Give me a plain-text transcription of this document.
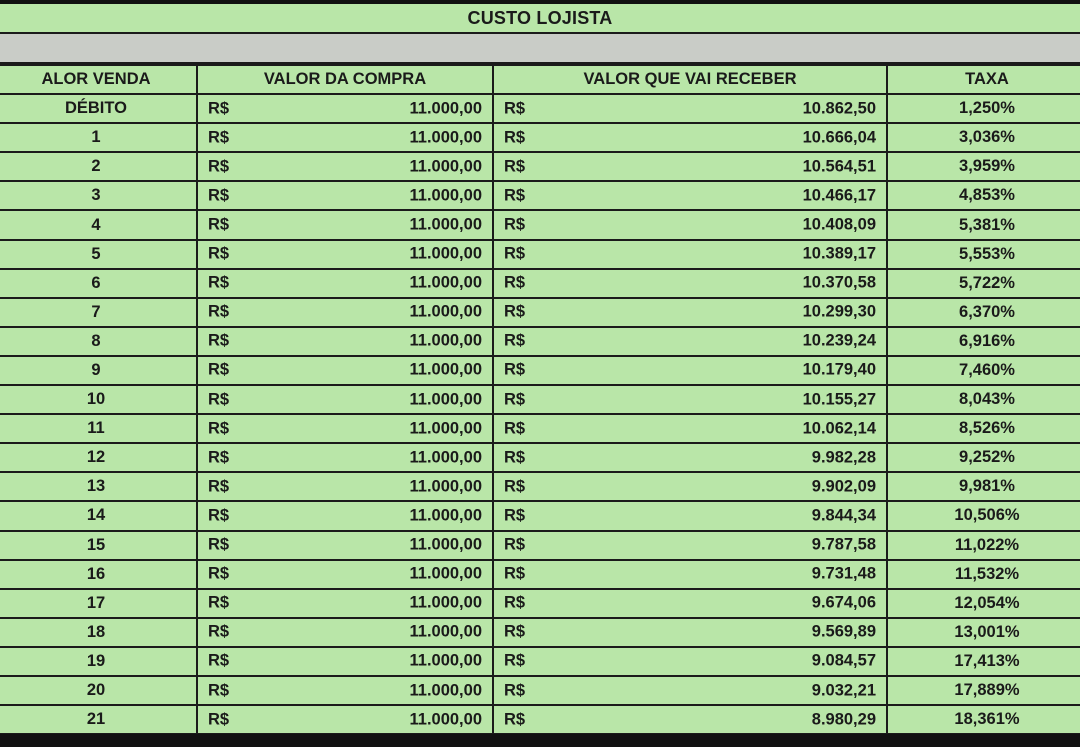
CUSTO LOJISTA
ALOR VENDA	VALOR DA COMPRA	VALOR QUE VAI RECEBER	TAXA
DÉBITO	R$ 11.000,00	R$ 10.862,50	1,250%
1	R$ 11.000,00	R$ 10.666,04	3,036%
2	R$ 11.000,00	R$ 10.564,51	3,959%
3	R$ 11.000,00	R$ 10.466,17	4,853%
4	R$ 11.000,00	R$ 10.408,09	5,381%
5	R$ 11.000,00	R$ 10.389,17	5,553%
6	R$ 11.000,00	R$ 10.370,58	5,722%
7	R$ 11.000,00	R$ 10.299,30	6,370%
8	R$ 11.000,00	R$ 10.239,24	6,916%
9	R$ 11.000,00	R$ 10.179,40	7,460%
10	R$ 11.000,00	R$ 10.155,27	8,043%
11	R$ 11.000,00	R$ 10.062,14	8,526%
12	R$ 11.000,00	R$ 9.982,28	9,252%
13	R$ 11.000,00	R$ 9.902,09	9,981%
14	R$ 11.000,00	R$ 9.844,34	10,506%
15	R$ 11.000,00	R$ 9.787,58	11,022%
16	R$ 11.000,00	R$ 9.731,48	11,532%
17	R$ 11.000,00	R$ 9.674,06	12,054%
18	R$ 11.000,00	R$ 9.569,89	13,001%
19	R$ 11.000,00	R$ 9.084,57	17,413%
20	R$ 11.000,00	R$ 9.032,21	17,889%
21	R$ 11.000,00	R$ 8.980,29	18,361%
